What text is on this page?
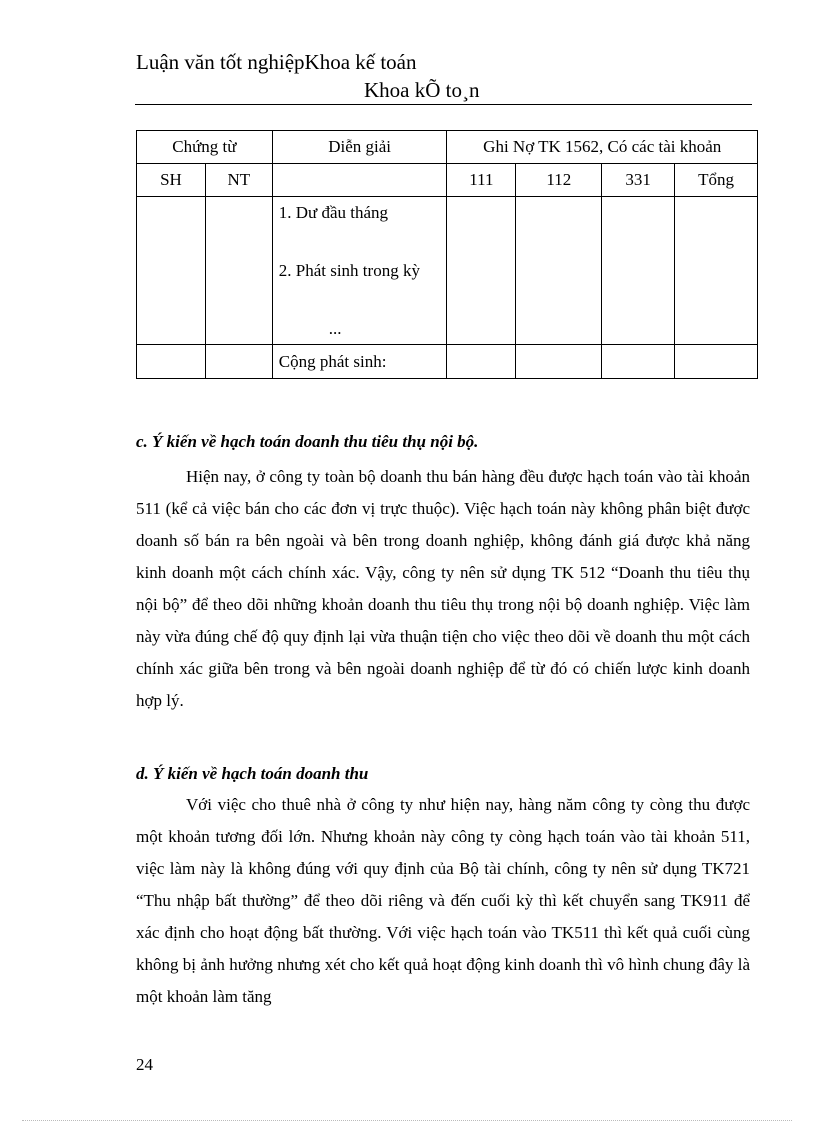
Luận văn tốt nghiệpKhoa kế toán
Khoa kÕ to¸n
Chứng từ		Diễn giải	Ghi Nợ TK 1562, Có các tài khoản			
SH	NT		111	112	331	Tổng

		1. Dư đầu tháng
2. Phát sinh trong kỳ
...				

		Cộng phát sinh:				
c. Ý kiến về hạch toán doanh thu tiêu thụ nội bộ.

Hiện nay, ở công ty toàn bộ doanh thu bán hàng đều được hạch toán vào tài khoản 511 (kể cả việc bán cho các đơn vị trực thuộc). Việc hạch toán này không phân biệt được doanh số bán ra bên ngoài và bên trong doanh nghiệp, không đánh giá được khả năng kinh doanh một cách chính xác. Vậy, công ty nên sử dụng TK 512 “Doanh thu tiêu thụ nội bộ” để theo dõi những khoản doanh thu tiêu thụ trong nội bộ doanh nghiệp. Việc làm này vừa đúng chế độ quy định lại vừa thuận tiện cho việc theo dõi về doanh thu một cách chính xác giữa bên trong và bên ngoài doanh nghiệp để từ đó có chiến lược kinh doanh hợp lý.

d. Ý kiến về hạch toán doanh thu

Với việc cho thuê nhà ở công ty như hiện nay, hàng năm công ty còng thu được một khoản tương đối lớn. Nhưng khoản này công ty còng hạch toán vào tài khoản 511, việc làm này là không đúng với quy định của Bộ tài chính, công ty nên sử dụng TK721 “Thu nhập bất thường” để theo dõi riêng và đến cuối kỳ thì kết chuyển sang TK911 để xác định cho hoạt động bất thường. Với việc hạch toán vào TK511 thì kết quả cuối cùng không bị ảnh hưởng nhưng xét cho kết quả hoạt động kinh doanh thì vô hình chung đây là một khoản làm tăng

24
